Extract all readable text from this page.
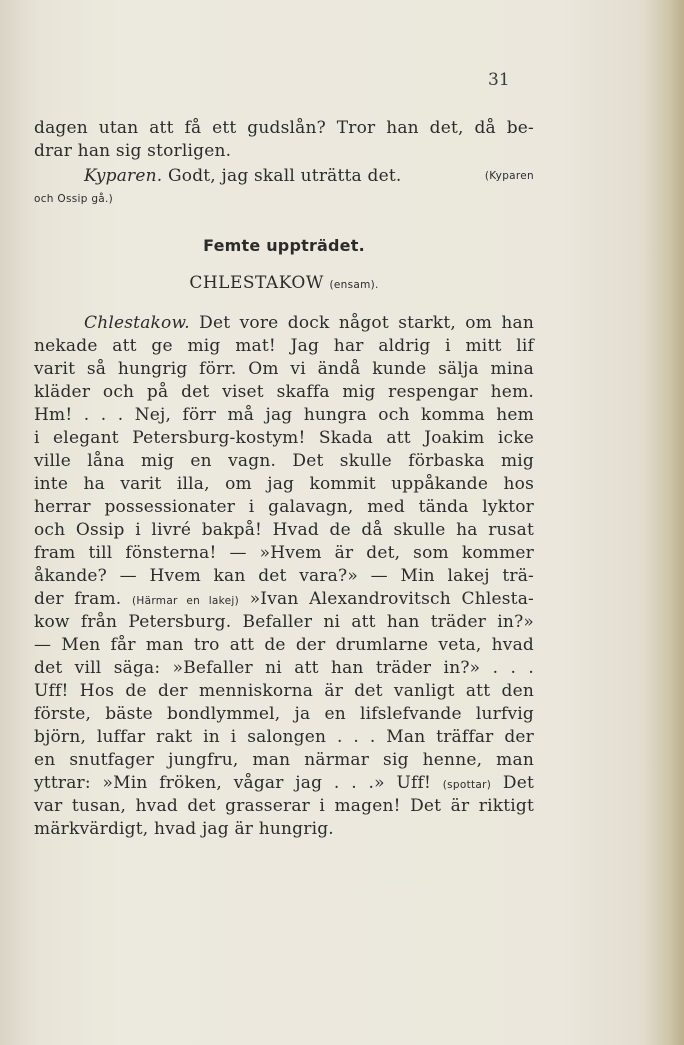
31
dagen utan att få ett gudslån? Tror han det, då be-
drar han sig storligen.
Kyparen. Godt, jag skall uträtta det.	(Kyparen
och Ossip gå.)
Femte uppträdet.
CHLESTAKOW (ensam).
Chlestakow. Det vore dock något starkt, om han
nekade att ge mig mat! Jag har aldrig i mitt lif
varit så hungrig förr. Om vi ändå kunde sälja mina
kläder och på det viset skaffa mig respengar hem.
Hm! . . . Nej, förr må jag hungra och komma hem
i elegant Petersburg-kostym! Skada att Joakim icke
ville låna mig en vagn. Det skulle förbaska mig
inte ha varit illa, om jag kommit uppåkande hos
herrar possessionater i galavagn, med tända lyktor
och Ossip i livré bakpå! Hvad de då skulle ha rusat
fram till fönsterna! — »Hvem är det, som kommer
åkande? — Hvem kan det vara?» — Min lakej trä-
der fram. (Härmar en lakej) »Ivan Alexandrovitsch Chlesta-
kow från Petersburg. Befaller ni att han träder in?»
— Men får man tro att de der drumlarne veta, hvad
det vill säga: »Befaller ni att han träder in?» . . .
Uff! Hos de der menniskorna är det vanligt att den
förste, bäste bondlymmel, ja en lifslefvande lurfvig
björn, luffar rakt in i salongen . . . Man träffar der
en snutfager jungfru, man närmar sig henne, man
yttrar: »Min fröken, vågar jag . . .» Uff! (spottar) Det
var tusan, hvad det grasserar i magen! Det är riktigt
märkvärdigt, hvad jag är hungrig.
